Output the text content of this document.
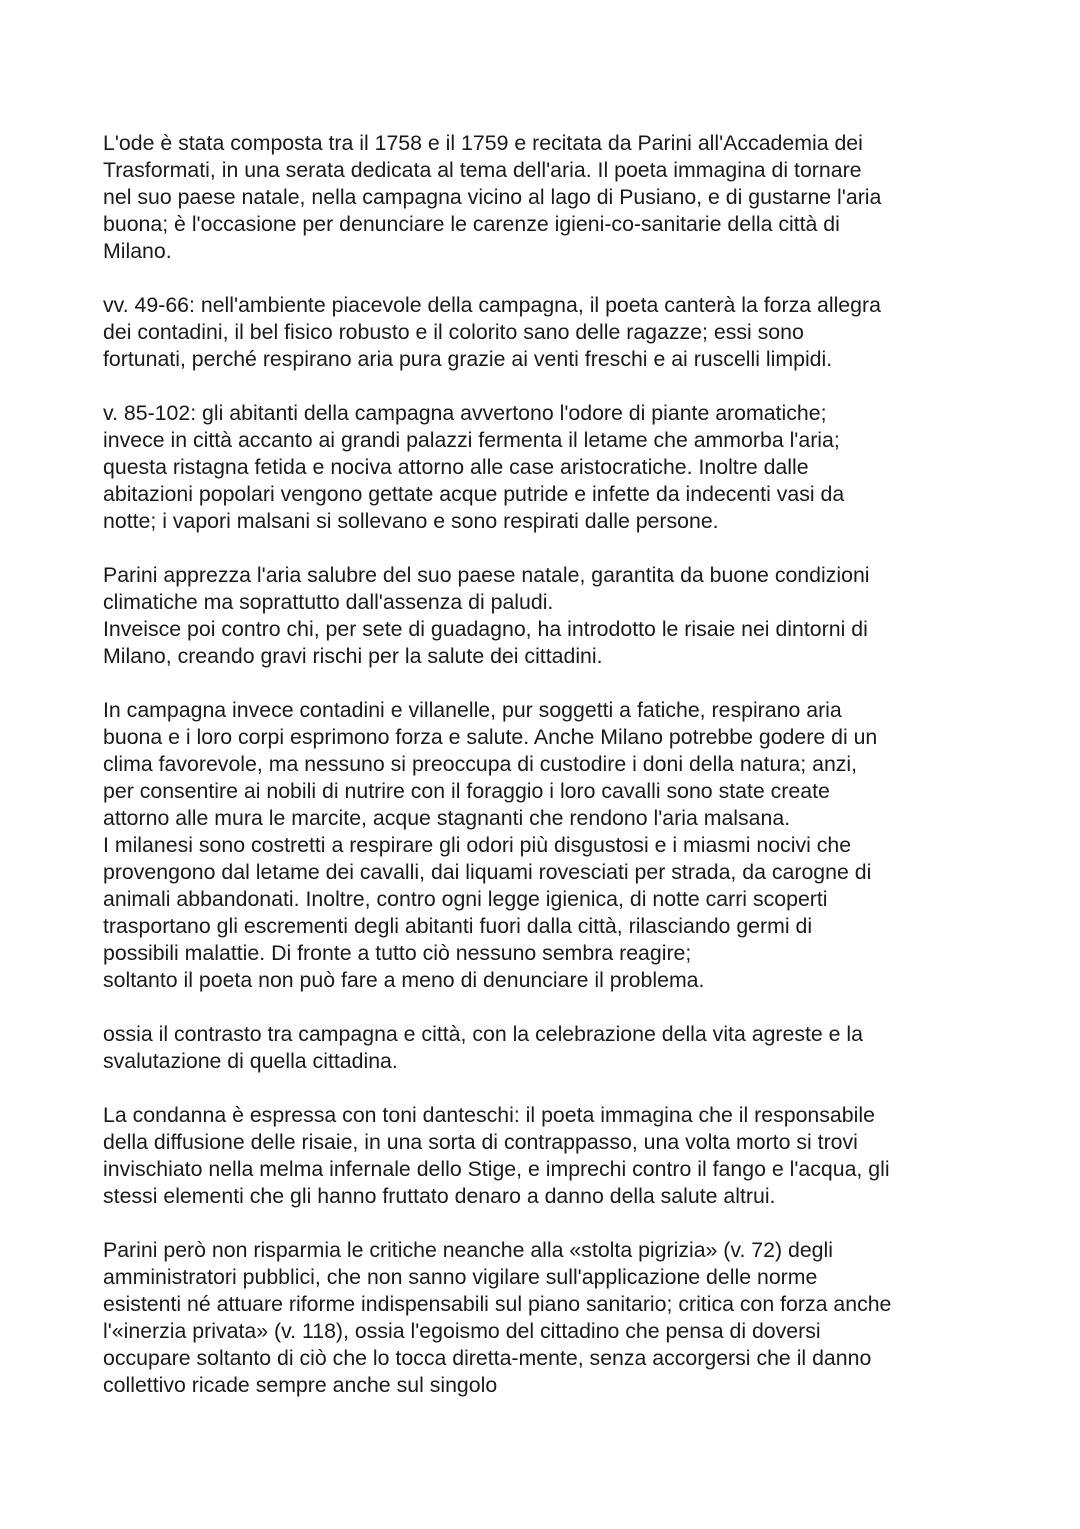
L'ode è stata composta tra il 1758 e il 1759 e recitata da Parini all'Accademia dei
Trasformati, in una serata dedicata al tema dell'aria. Il poeta immagina di tornare
nel suo paese natale, nella campagna vicino al lago di Pusiano, e di gustarne l'aria
buona; è l'occasione per denunciare le carenze igieni-co-sanitarie della città di
Milano.

vv. 49-66: nell'ambiente piacevole della campagna, il poeta canterà la forza allegra
dei contadini, il bel fisico robusto e il colorito sano delle ragazze; essi sono
fortunati, perché respirano aria pura grazie ai venti freschi e ai ruscelli limpidi.

v. 85-102: gli abitanti della campagna avvertono l'odore di piante aromatiche;
invece in città accanto ai grandi palazzi fermenta il letame che ammorba l'aria;
questa ristagna fetida e nociva attorno alle case aristocratiche. Inoltre dalle
abitazioni popolari vengono gettate acque putride e infette da indecenti vasi da
notte; i vapori malsani si sollevano e sono respirati dalle persone.

Parini apprezza l'aria salubre del suo paese natale, garantita da buone condizioni
climatiche ma soprattutto dall'assenza di paludi.
Inveisce poi contro chi, per sete di guadagno, ha introdotto le risaie nei dintorni di
Milano, creando gravi rischi per la salute dei cittadini.

In campagna invece contadini e villanelle, pur soggetti a fatiche, respirano aria
buona e i loro corpi esprimono forza e salute. Anche Milano potrebbe godere di un
clima favorevole, ma nessuno si preoccupa di custodire i doni della natura; anzi,
per consentire ai nobili di nutrire con il foraggio i loro cavalli sono state create
attorno alle mura le marcite, acque stagnanti che rendono l'aria malsana.
I milanesi sono costretti a respirare gli odori più disgustosi e i miasmi nocivi che
provengono dal letame dei cavalli, dai liquami rovesciati per strada, da carogne di
animali abbandonati. Inoltre, contro ogni legge igienica, di notte carri scoperti
trasportano gli escrementi degli abitanti fuori dalla città, rilasciando germi di
possibili malattie. Di fronte a tutto ciò nessuno sembra reagire;
soltanto il poeta non può fare a meno di denunciare il problema.

ossia il contrasto tra campagna e città, con la celebrazione della vita agreste e la
svalutazione di quella cittadina.

La condanna è espressa con toni danteschi: il poeta immagina che il responsabile
della diffusione delle risaie, in una sorta di contrappasso, una volta morto si trovi
invischiato nella melma infernale dello Stige, e imprechi contro il fango e l'acqua, gli
stessi elementi che gli hanno fruttato denaro a danno della salute altrui.

Parini però non risparmia le critiche neanche alla «stolta pigrizia» (v. 72) degli
amministratori pubblici, che non sanno vigilare sull'applicazione delle norme
esistenti né attuare riforme indispensabili sul piano sanitario; critica con forza anche
l'«inerzia privata» (v. 118), ossia l'egoismo del cittadino che pensa di doversi
occupare soltanto di ciò che lo tocca diretta-mente, senza accorgersi che il danno
collettivo ricade sempre anche sul singolo
